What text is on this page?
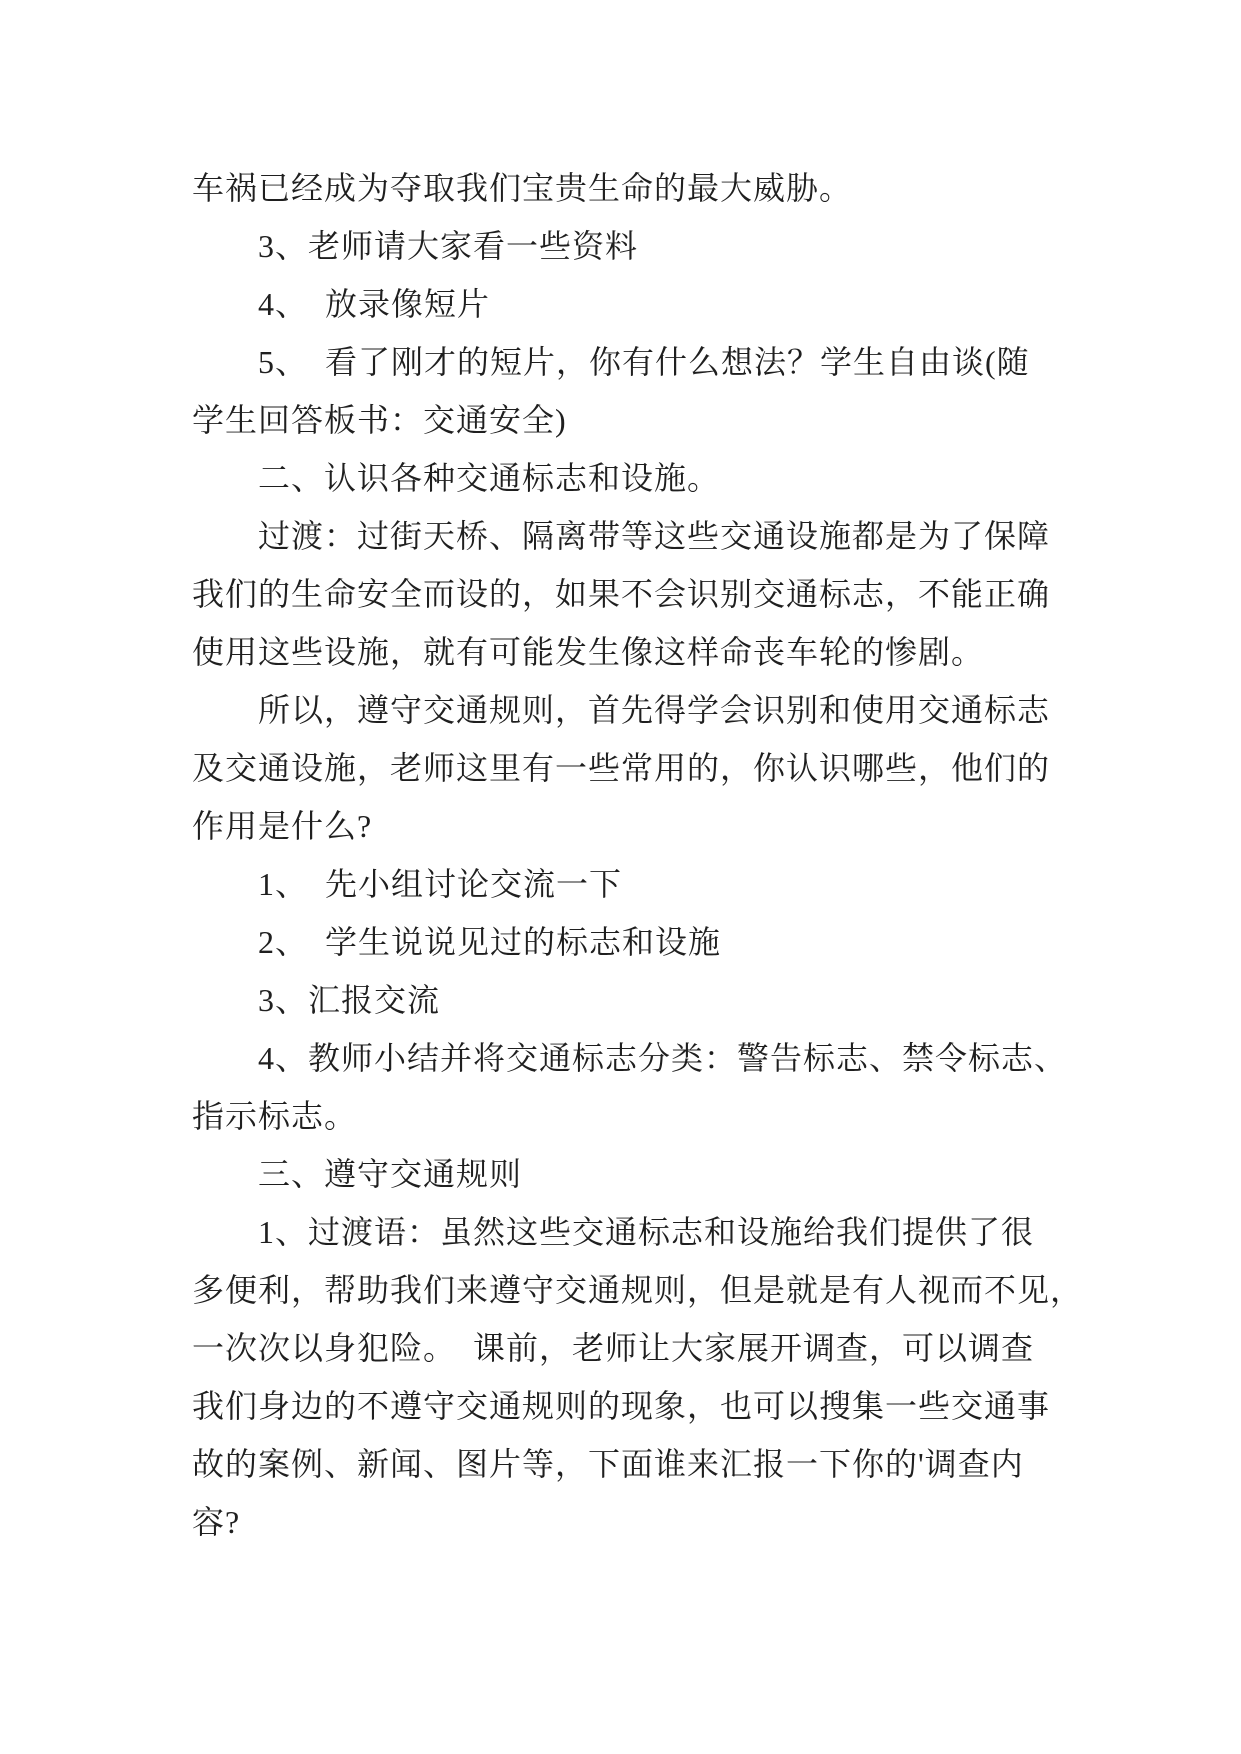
车祸已经成为夺取我们宝贵生命的最大威胁。
3、老师请大家看一些资料
4、　放录像短片
5、　看了刚才的短片，你有什么想法？学生自由谈(随
学生回答板书：交通安全)
二、认识各种交通标志和设施。
过渡：过街天桥、隔离带等这些交通设施都是为了保障
我们的生命安全而设的，如果不会识别交通标志，不能正确
使用这些设施，就有可能发生像这样命丧车轮的惨剧。
所以，遵守交通规则，首先得学会识别和使用交通标志
及交通设施，老师这里有一些常用的，你认识哪些，他们的
作用是什么?
1、　先小组讨论交流一下
2、　学生说说见过的标志和设施
3、汇报交流
4、教师小结并将交通标志分类：警告标志、禁令标志、
指示标志。
三、遵守交通规则
1、过渡语：虽然这些交通标志和设施给我们提供了很
多便利，帮助我们来遵守交通规则，但是就是有人视而不见，
一次次以身犯险。　课前，老师让大家展开调查，可以调查
我们身边的不遵守交通规则的现象，也可以搜集一些交通事
故的案例、新闻、图片等，下面谁来汇报一下你的'调查内
容?
